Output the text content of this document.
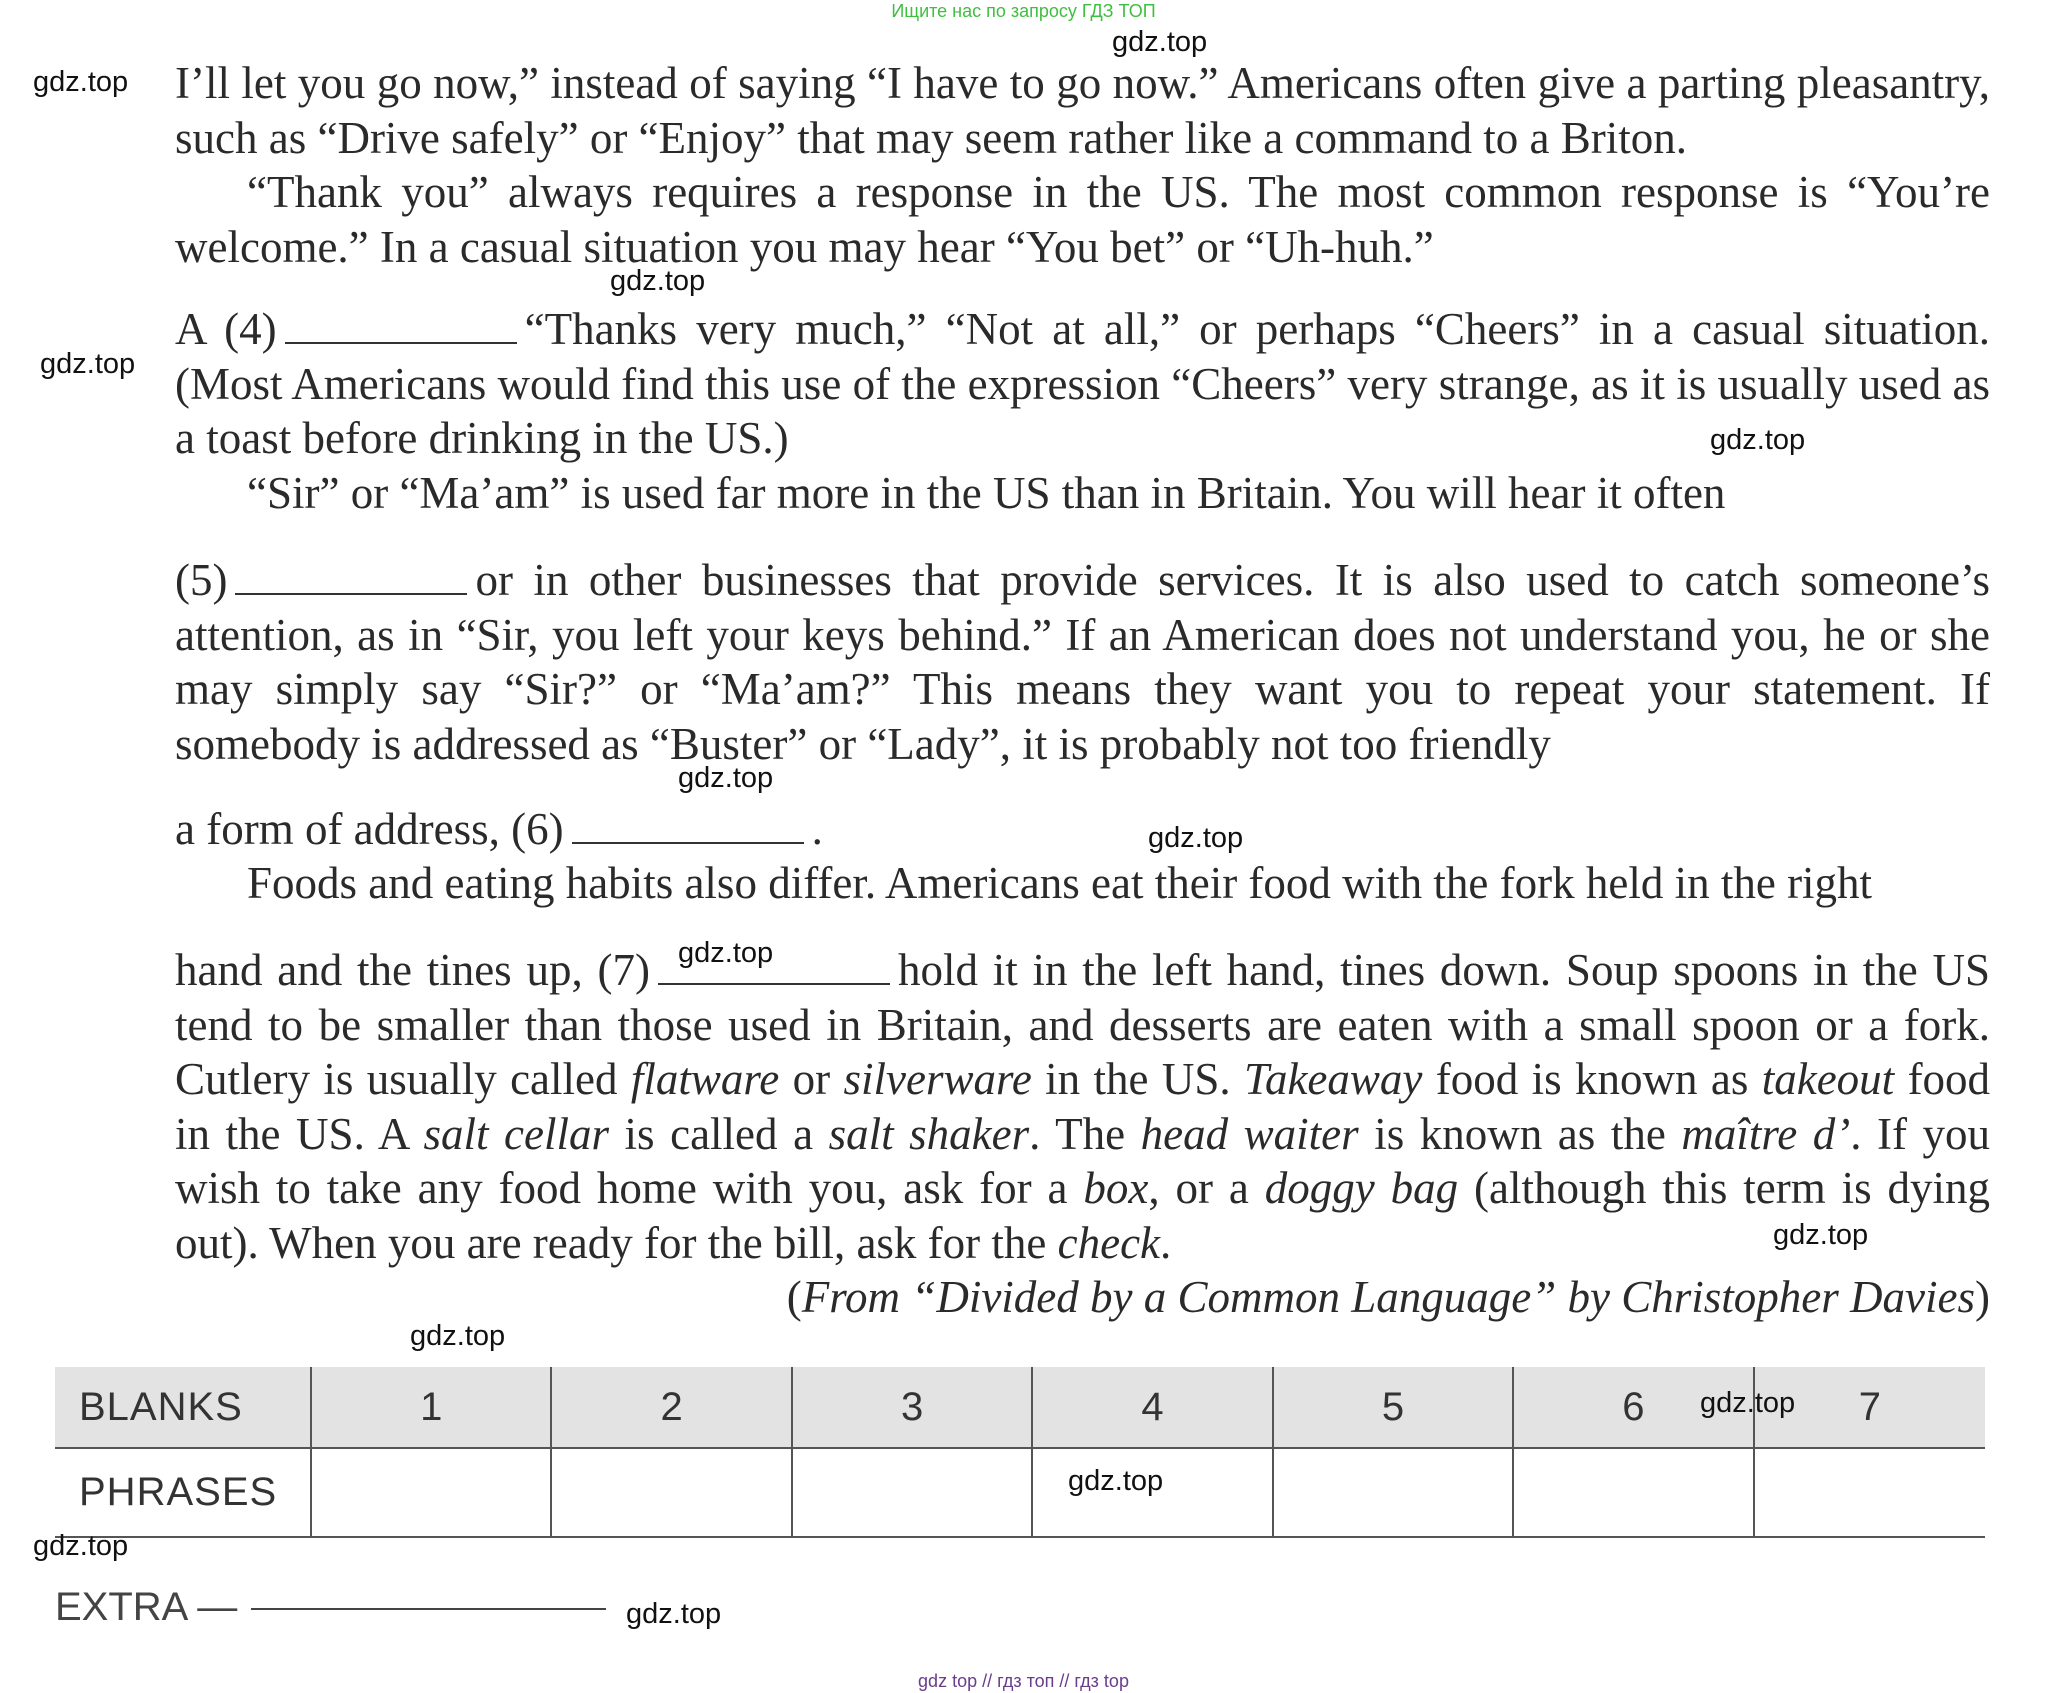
Ищите нас по запросу ГДЗ ТОП

I’ll let you go now,” instead of saying “I have to go now.” Americans often give a parting pleasantry, such as “Drive safely” or “Enjoy” that may seem rather like a command to a Briton.

“Thank you” always requires a response in the US. The most common response is “You’re welcome.” In a casual situation you may hear “You bet” or “Uh-huh.”

A (4)	“Thanks very much,” “Not at all,” or perhaps “Cheers” in a casual situation. (Most Americans would find this use of the expression “Cheers” very strange, as it is usually used as a toast before drinking in the US.)

“Sir” or “Ma’am” is used far more in the US than in Britain. You will hear it often

(5)	or in other businesses that provide services. It is also used to catch someone’s attention, as in “Sir, you left your keys behind.” If an American does not understand you, he or she may simply say “Sir?” or “Ma’am?” This means they want you to repeat your statement. If somebody is addressed as “Buster” or “Lady”, it is probably not too friendly

a form of address, (6)	.

Foods and eating habits also differ. Americans eat their food with the fork held in the right

hand and the tines up, (7)	hold it in the left hand, tines down. Soup spoons in the US tend to be smaller than those used in Britain, and desserts are eaten with a small spoon or a fork. Cutlery is usually called flatware or silverware in the US. Takeaway food is known as takeout food in the US. A salt cellar is called a salt shaker. The head waiter is known as the maître d’. If you wish to take any food home with you, ask for a box, or a doggy bag (although this term is dying out). When you are ready for the bill, ask for the check.

(From “Divided by a Common Language” by Christopher Davies)

BLANKS	1	2	3	4	5	6	7
PHRASES							
EXTRA —
gdz.top
gdz.top
gdz.top
gdz.top
gdz.top
gdz.top
gdz.top
gdz.top
gdz.top
gdz.top
gdz.top
gdz.top
gdz.top
gdz.top
gdz top // гдз топ // гдз top
